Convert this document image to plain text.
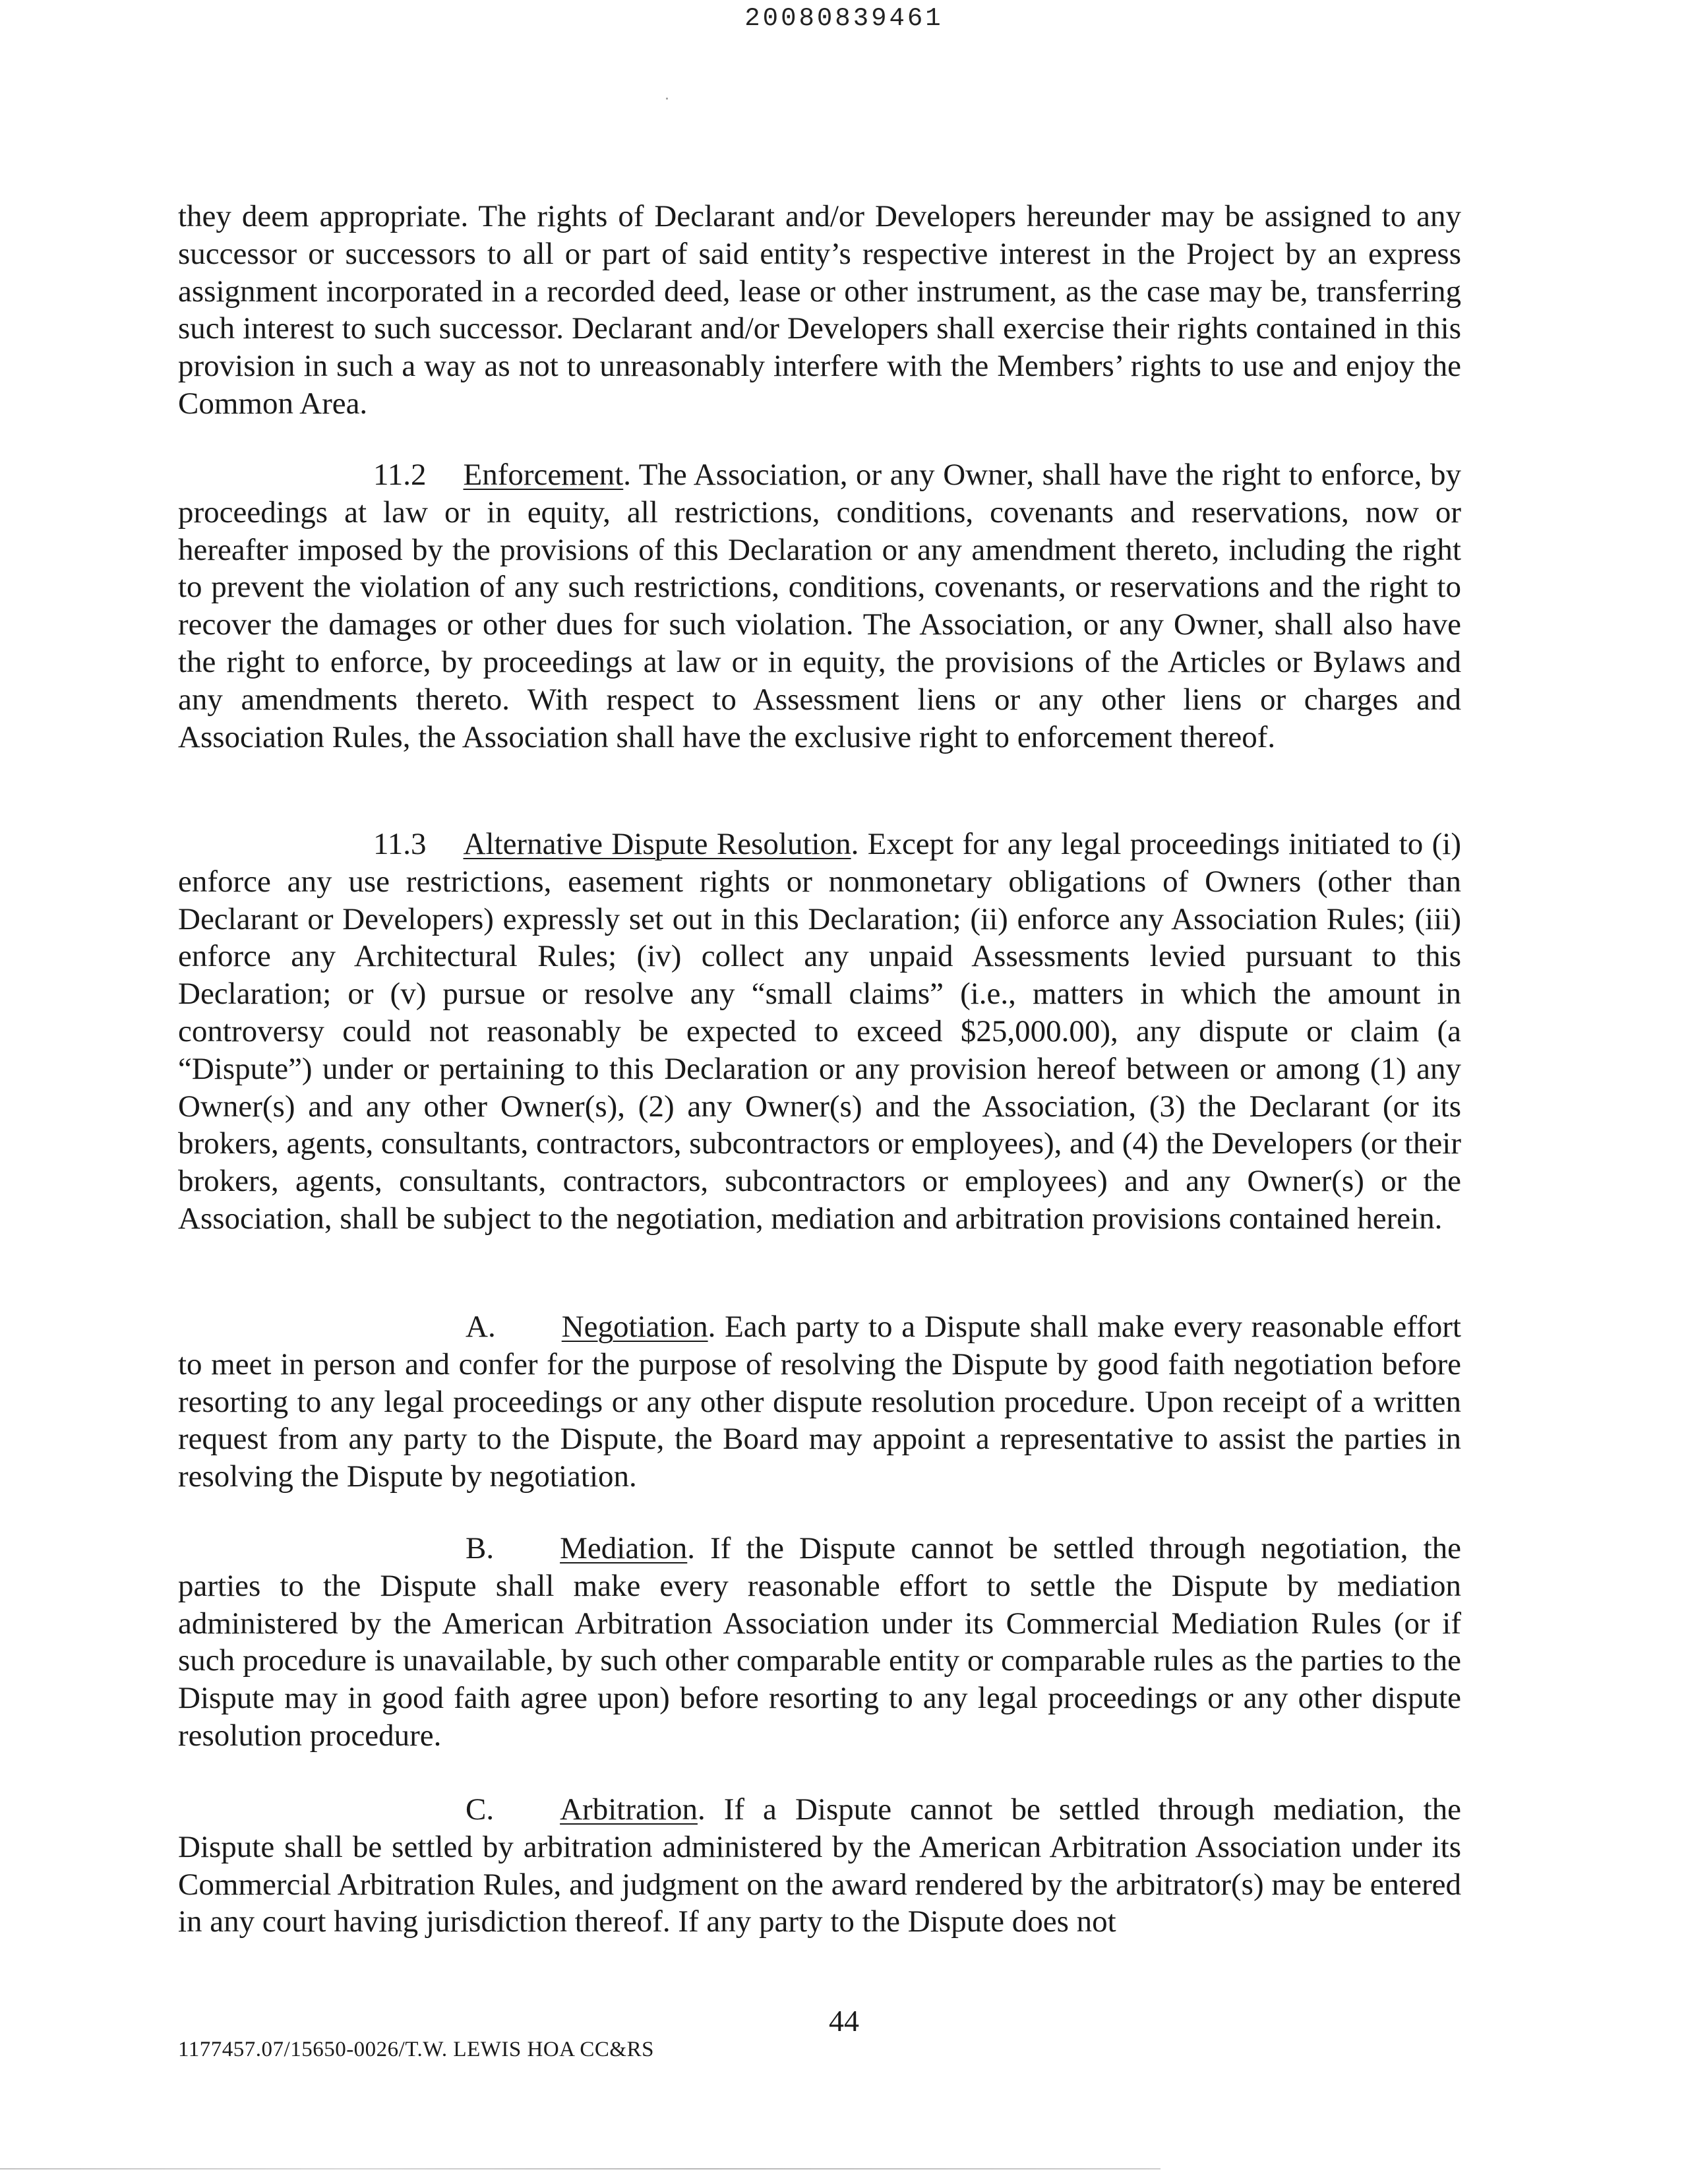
20080839461

they deem appropriate. The rights of Declarant and/or Developers hereunder may be assigned to any successor or successors to all or part of said entity’s respective interest in the Project by an express assignment incorporated in a recorded deed, lease or other instrument, as the case may be, transferring such interest to such successor. Declarant and/or Developers shall exercise their rights contained in this provision in such a way as not to unreasonably interfere with the Members’ rights to use and enjoy the Common Area.

11.2 Enforcement. The Association, or any Owner, shall have the right to enforce, by proceedings at law or in equity, all restrictions, conditions, covenants and reservations, now or hereafter imposed by the provisions of this Declaration or any amendment thereto, including the right to prevent the violation of any such restrictions, conditions, covenants, or reservations and the right to recover the damages or other dues for such violation. The Association, or any Owner, shall also have the right to enforce, by proceedings at law or in equity, the provisions of the Articles or Bylaws and any amendments thereto. With respect to Assessment liens or any other liens or charges and Association Rules, the Association shall have the exclusive right to enforcement thereof.

11.3 Alternative Dispute Resolution. Except for any legal proceedings initiated to (i) enforce any use restrictions, easement rights or nonmonetary obligations of Owners (other than Declarant or Developers) expressly set out in this Declaration; (ii) enforce any Association Rules; (iii) enforce any Architectural Rules; (iv) collect any unpaid Assessments levied pursuant to this Declaration; or (v) pursue or resolve any “small claims” (i.e., matters in which the amount in controversy could not reasonably be expected to exceed $25,000.00), any dispute or claim (a “Dispute”) under or pertaining to this Declaration or any provision hereof between or among (1) any Owner(s) and any other Owner(s), (2) any Owner(s) and the Association, (3) the Declarant (or its brokers, agents, consultants, contractors, subcontractors or employees), and (4) the Developers (or their brokers, agents, consultants, contractors, subcontractors or employees) and any Owner(s) or the Association, shall be subject to the negotiation, mediation and arbitration provisions contained herein.

A. Negotiation. Each party to a Dispute shall make every reasonable effort to meet in person and confer for the purpose of resolving the Dispute by good faith negotiation before resorting to any legal proceedings or any other dispute resolution procedure. Upon receipt of a written request from any party to the Dispute, the Board may appoint a representative to assist the parties in resolving the Dispute by negotiation.

B. Mediation. If the Dispute cannot be settled through negotiation, the parties to the Dispute shall make every reasonable effort to settle the Dispute by mediation administered by the American Arbitration Association under its Commercial Mediation Rules (or if such procedure is unavailable, by such other comparable entity or comparable rules as the parties to the Dispute may in good faith agree upon) before resorting to any legal proceedings or any other dispute resolution procedure.

C. Arbitration. If a Dispute cannot be settled through mediation, the Dispute shall be settled by arbitration administered by the American Arbitration Association under its Commercial Arbitration Rules, and judgment on the award rendered by the arbitrator(s) may be entered in any court having jurisdiction thereof. If any party to the Dispute does not

44
1177457.07/15650-0026/T.W. LEWIS HOA CC&RS
